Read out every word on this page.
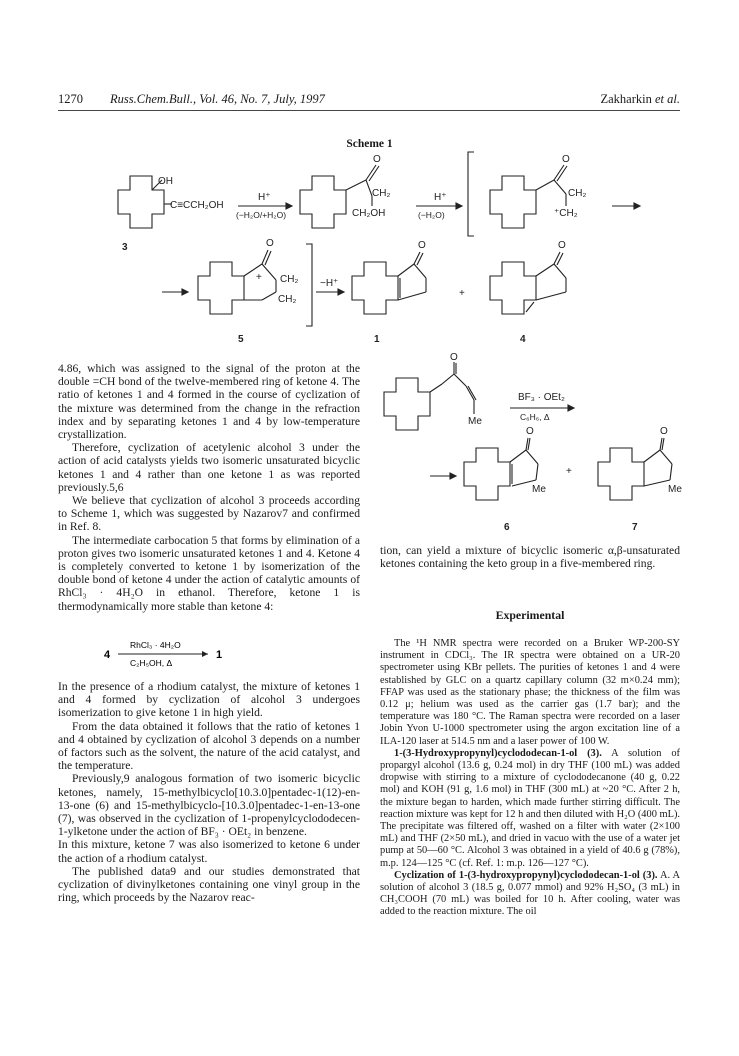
1270 Russ.Chem.Bull., Vol. 46, No. 7, July, 1997	Zakharkin et al.
Scheme 1
OH
C≡CCH₂OH
H⁺
(−H₂O/+H₂O)
O
CH₂
CH₂OH
H⁺
(−H₂O)
O
CH₂
⁺CH₂
3	O
CH₂
CH₂
+
−H⁺
O
+
O
5	1	4
O
Me
BF₃ · OEt₂
C₆H₆, Δ
O
Me
+
O
Me
6	7

4.86, which was assigned to the signal of the proton at the double =CH bond of the twelve-membered ring of ketone 4. The ratio of ketones 1 and 4 formed in the course of cyclization of the mixture was determined from the change in the refraction index and by separating ketones 1 and 4 by low-temperature crystallization.

Therefore, cyclization of acetylenic alcohol 3 under the action of acid catalysts yields two isomeric unsaturated bicyclic ketones 1 and 4 rather than one ketone 1 as was reported previously.5,6

We believe that cyclization of alcohol 3 proceeds according to Scheme 1, which was suggested by Nazarov7 and confirmed in Ref. 8.

The intermediate carbocation 5 that forms by elimination of a proton gives two isomeric unsaturated ketones 1 and 4. Ketone 4 is completely converted to ketone 1 by isomerization of the double bond of ketone 4 under the action of catalytic amounts of RhCl₃ · 4H₂O in ethanol. Therefore, ketone 1 is thermodynamically more stable than ketone 4:

4
RhCl₃ · 4H₂O
C₂H₅OH, Δ
1

In the presence of a rhodium catalyst, the mixture of ketones 1 and 4 formed by cyclization of alcohol 3 undergoes isomerization to give ketone 1 in high yield.

From the data obtained it follows that the ratio of ketones 1 and 4 obtained by cyclization of alcohol 3 depends on a number of factors such as the solvent, the nature of the acid catalyst, and the temperature.

Previously,9 analogous formation of two isomeric bicyclic ketones, namely, 15-methylbicyclo[10.3.0]pentadec-1(12)-en-13-one (6) and 15-methylbicyclo-[10.3.0]pentadec-1-en-13-one (7), was observed in the cyclization of 1-propenylcyclododecen-1-ylketone under the action of BF₃ · OEt₂ in benzene.

In this mixture, ketone 7 was also isomerized to ketone 6 under the action of a rhodium catalyst.

The published data9 and our studies demonstrated that cyclization of divinylketones containing one vinyl group in the ring, which proceeds by the Nazarov reac-

tion, can yield a mixture of bicyclic isomeric α,β-unsaturated ketones containing the keto group in a five-membered ring.

Experimental

The ¹H NMR spectra were recorded on a Bruker WP-200-SY instrument in CDCl₃. The IR spectra were obtained on a UR-20 spectrometer using KBr pellets. The purities of ketones 1 and 4 were established by GLC on a quartz capillary column (32 m×0.24 mm); FFAP was used as the stationary phase; the thickness of the film was 0.12 μ; helium was used as the carrier gas (1.7 bar); and the temperature was 180 °C. The Raman spectra were recorded on a laser Jobin Yvon U-1000 spectrometer using the argon excitation line of a ILA-120 laser at 514.5 nm and a laser power of 100 W.

1-(3-Hydroxypropynyl)cyclododecan-1-ol (3). A solution of propargyl alcohol (13.6 g, 0.24 mol) in dry THF (100 mL) was added dropwise with stirring to a mixture of cyclododecanone (40 g, 0.22 mol) and KOH (91 g, 1.6 mol) in THF (300 mL) at ~20 °C. After 2 h, the mixture began to harden, which made further stirring difficult. The reaction mixture was kept for 12 h and then diluted with H₂O (400 mL). The precipitate was filtered off, washed on a filter with water (2×100 mL) and THF (2×50 mL), and dried in vacuo with the use of a water jet pump at 50—60 °C. Alcohol 3 was obtained in a yield of 40.6 g (78%), m.p. 124—125 °C (cf. Ref. 1: m.p. 126—127 °C).

Cyclization of 1-(3-hydroxypropynyl)cyclododecan-1-ol (3). A. A solution of alcohol 3 (18.5 g, 0.077 mmol) and 92% H₂SO₄ (3 mL) in CH₃COOH (70 mL) was boiled for 10 h. After cooling, water was added to the reaction mixture. The oil
